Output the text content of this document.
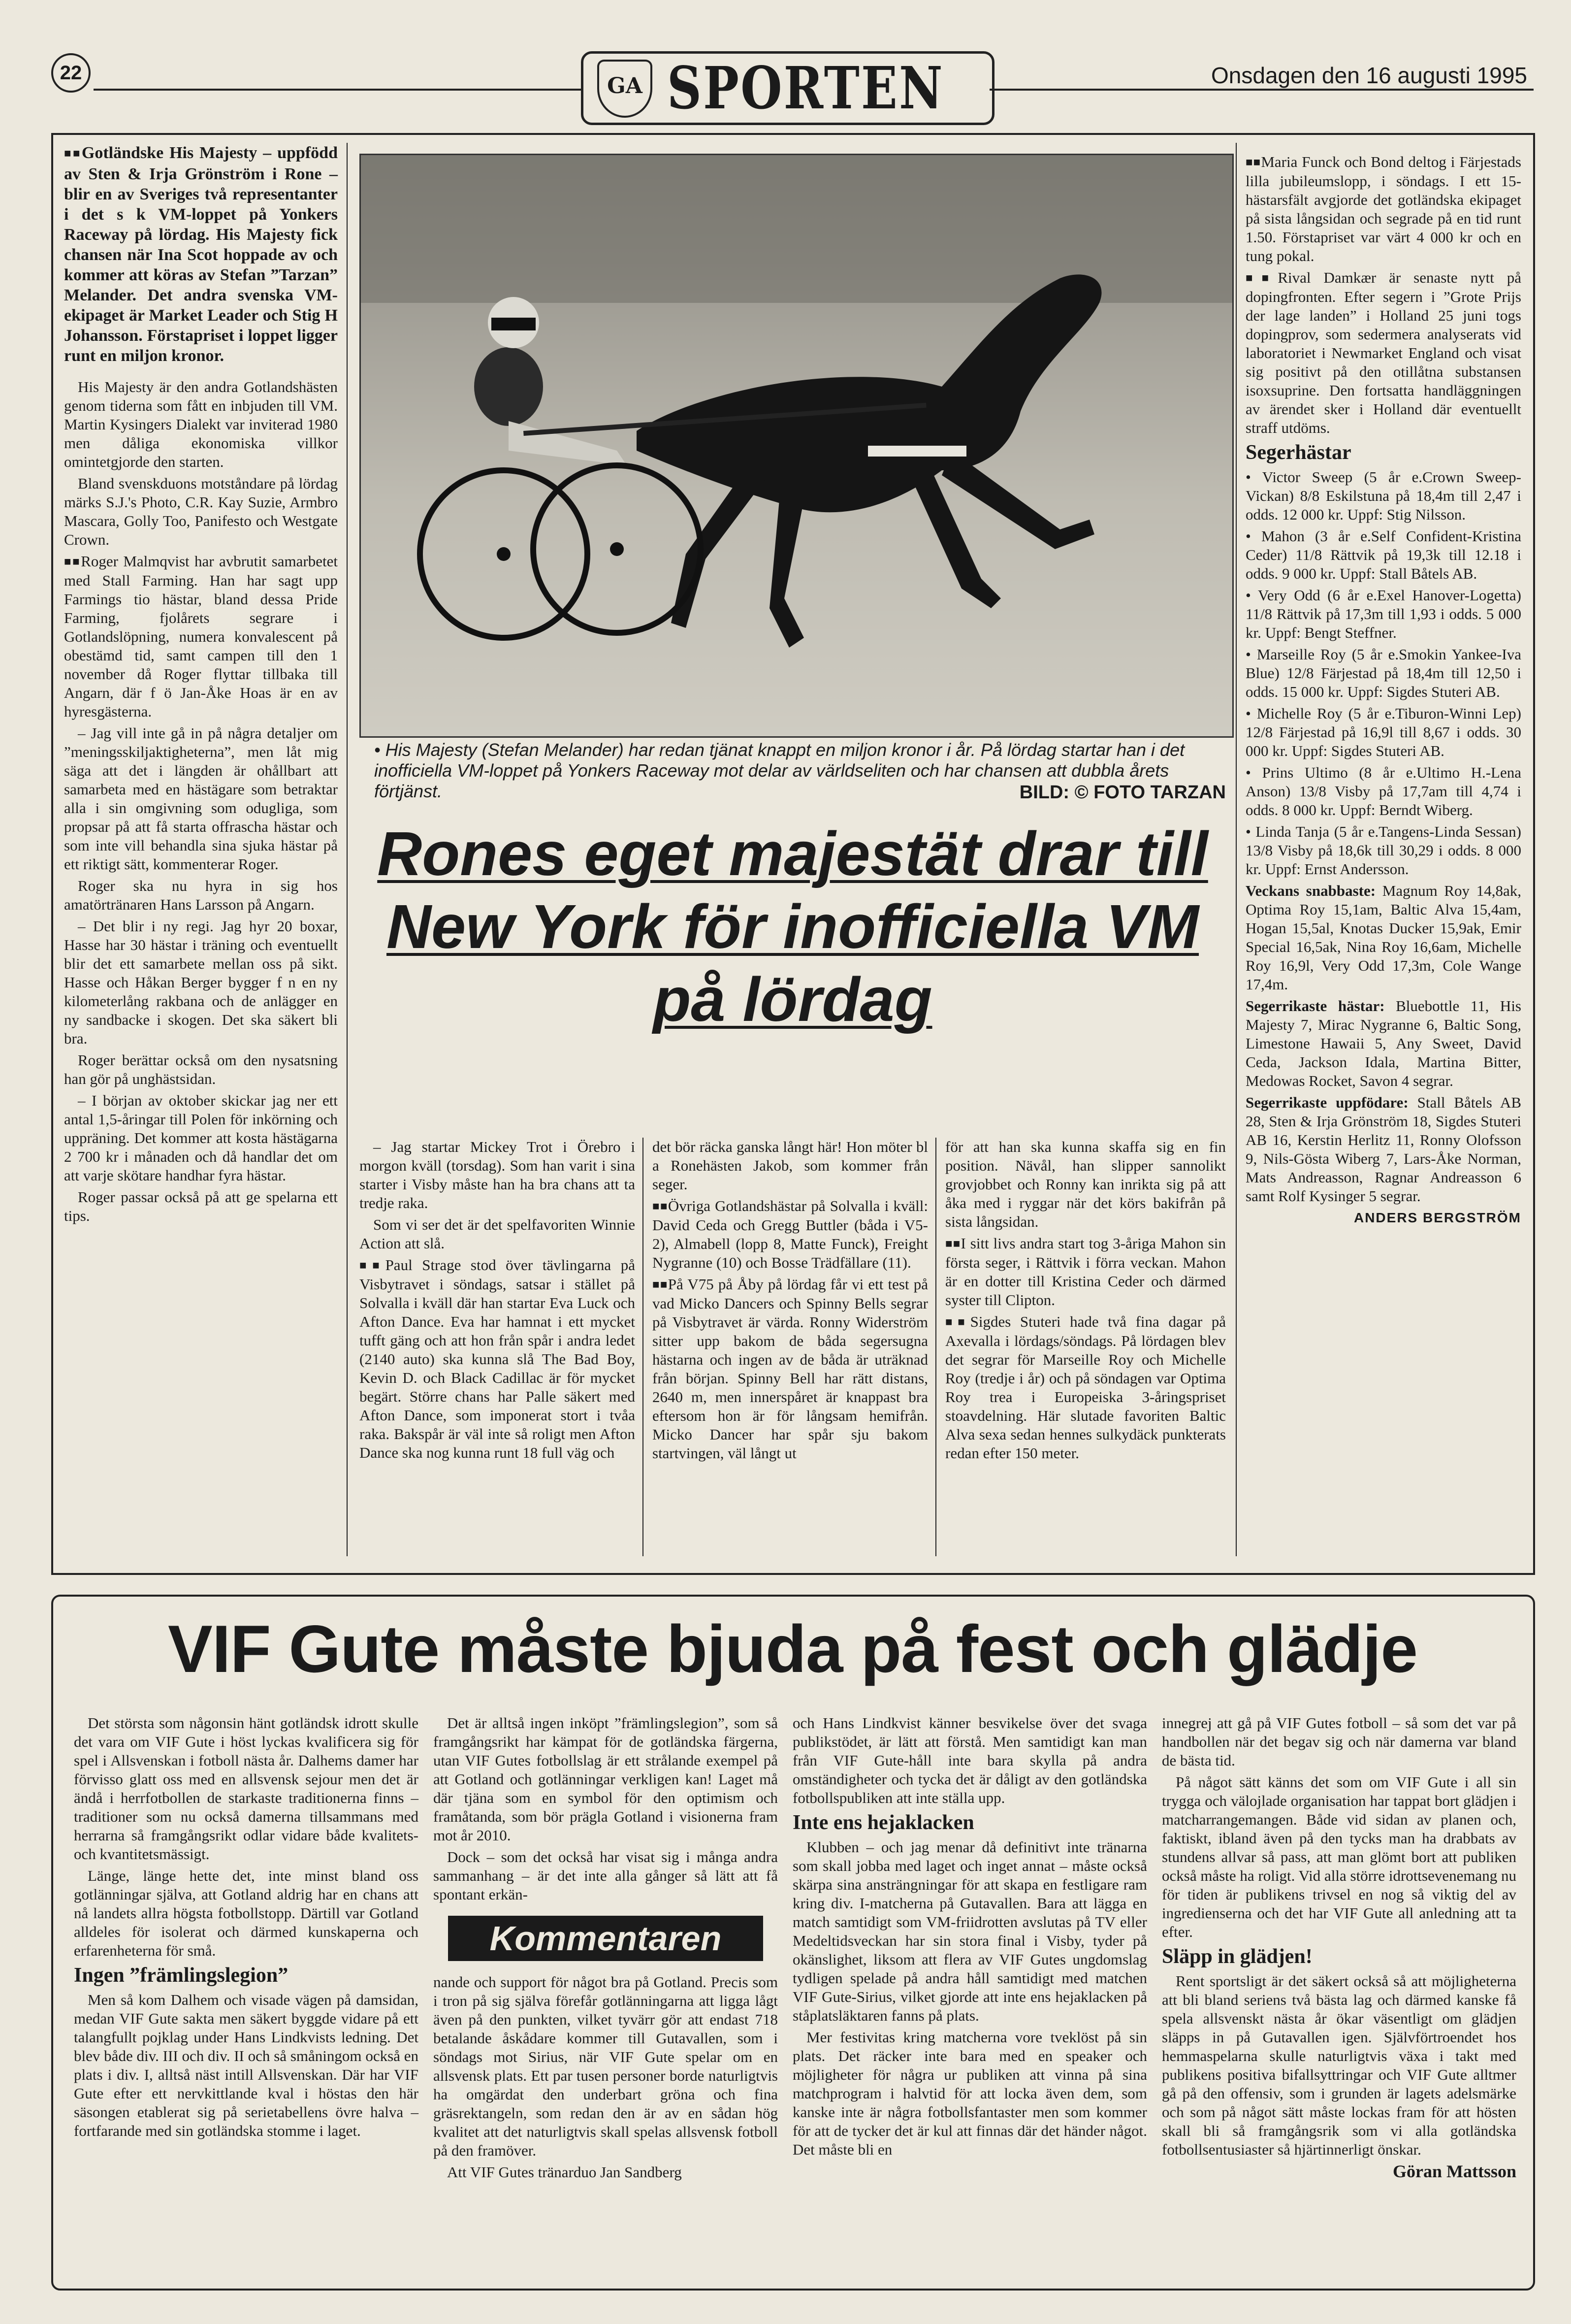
22
GA SPORTEN	Onsdagen den 16 augusti 1995

■■ Gotländske His Majesty – uppfödd av Sten & Irja Grönström i Rone – blir en av Sveriges två representanter i det s k VM-loppet på Yonkers Raceway på lördag. His Majesty fick chansen när Ina Scot hoppade av och kommer att köras av Stefan ”Tarzan” Melander. Det andra svenska VM-ekipaget är Market Leader och Stig H Johansson. Förstapriset i loppet ligger runt en miljon kronor.

His Majesty är den andra Gotlandshästen genom tiderna som fått en inbjuden till VM. Martin Kysingers Dialekt var inviterad 1980 men dåliga ekonomiska villkor omintetgjorde den starten.

Bland svenskduons motståndare på lördag märks S.J.'s Photo, C.R. Kay Suzie, Armbro Mascara, Golly Too, Panifesto och Westgate Crown.

■■ Roger Malmqvist har avbrutit samarbetet med Stall Farming. Han har sagt upp Farmings tio hästar, bland dessa Pride Farming, fjolårets segrare i Gotlandslöpning, numera konvalescent på obestämd tid, samt campen till den 1 november då Roger flyttar tillbaka till Angarn, där f ö Jan-Åke Hoas är en av hyresgästerna.

– Jag vill inte gå in på några detaljer om ”meningsskiljaktigheterna”, men låt mig säga att det i längden är ohållbart att samarbeta med en hästägare som betraktar alla i sin omgivning som odugliga, som propsar på att få starta offrascha hästar och som inte vill behandla sina sjuka hästar på ett riktigt sätt, kommenterar Roger.

Roger ska nu hyra in sig hos amatörtränaren Hans Larsson på Angarn.

– Det blir i ny regi. Jag hyr 20 boxar, Hasse har 30 hästar i träning och eventuellt blir det ett samarbete mellan oss på sikt. Hasse och Håkan Berger bygger f n en ny kilometerlång rakbana och de anlägger en ny sandbacke i skogen. Det ska säkert bli bra.

Roger berättar också om den nysatsning han gör på unghästsidan.

– I början av oktober skickar jag ner ett antal 1,5-åringar till Polen för inkörning och uppräning. Det kommer att kosta hästägarna 2 700 kr i månaden och då handlar det om att varje skötare handhar fyra hästar.

Roger passar också på att ge spelarna ett tips.

• His Majesty (Stefan Melander) har redan tjänat knappt en miljon kronor i år. På lördag startar han i det inofficiella VM-loppet på Yonkers Raceway mot delar av världseliten och har chansen att dubbla årets förtjänst.	BILD: © FOTO TARZAN
Rones eget majestät drar till New York för inofficiella VM på lördag

– Jag startar Mickey Trot i Örebro i morgon kväll (torsdag). Som han varit i sina starter i Visby måste han ha bra chans att ta tredje raka.

Som vi ser det är det spelfavoriten Winnie Action att slå.

■■ Paul Strage stod över tävlingarna på Visbytravet i söndags, satsar i stället på Solvalla i kväll där han startar Eva Luck och Afton Dance. Eva har hamnat i ett mycket tufft gäng och att hon från spår i andra ledet (2140 auto) ska kunna slå The Bad Boy, Kevin D. och Black Cadillac är för mycket begärt. Större chans har Palle säkert med Afton Dance, som imponerat stort i tvåa raka. Bakspår är väl inte så roligt men Afton Dance ska nog kunna runt 18 full väg och

det bör räcka ganska långt här! Hon möter bl a Ronehästen Jakob, som kommer från seger.

■■ Övriga Gotlandshästar på Solvalla i kväll: David Ceda och Gregg Buttler (båda i V5-2), Almabell (lopp 8, Matte Funck), Freight Nygranne (10) och Bosse Trädfällare (11).

■■ På V75 på Åby på lördag får vi ett test på vad Micko Dancers och Spinny Bells segrar på Visbytravet är värda. Ronny Widerström sitter upp bakom de båda segersugna hästarna och ingen av de båda är uträknad från början. Spinny Bell har rätt distans, 2640 m, men innerspåret är knappast bra eftersom hon är för långsam hemifrån. Micko Dancer har spår sju bakom startvingen, väl långt ut

för att han ska kunna skaffa sig en fin position. Nävål, han slipper sannolikt grovjobbet och Ronny kan inrikta sig på att åka med i ryggar när det körs bakifrån på sista långsidan.

■■ I sitt livs andra start tog 3-åriga Mahon sin första seger, i Rättvik i förra veckan. Mahon är en dotter till Kristina Ceder och därmed syster till Clipton.

■■ Sigdes Stuteri hade två fina dagar på Axevalla i lördags/söndags. På lördagen blev det segrar för Marseille Roy och Michelle Roy (tredje i år) och på söndagen var Optima Roy trea i Europeiska 3-åringspriset stoavdelning. Här slutade favoriten Baltic Alva sexa sedan hennes sulkydäck punkterats redan efter 150 meter.

■■ Maria Funck och Bond deltog i Färjestads lilla jubileumslopp, i söndags. I ett 15-hästarsfält avgjorde det gotländska ekipaget på sista långsidan och segrade på en tid runt 1.50. Förstapriset var värt 4 000 kr och en tung pokal.

■■ Rival Damkær är senaste nytt på dopingfronten. Efter segern i ”Grote Prijs der lage landen” i Holland 25 juni togs dopingprov, som sedermera analyserats vid laboratoriet i Newmarket England och visat sig positivt på den otillåtna substansen isoxsuprine. Den fortsatta handläggningen av ärendet sker i Holland där eventuellt straff utdöms.

Segerhästar

• Victor Sweep (5 år e.Crown Sweep-Vickan) 8/8 Eskilstuna på 18,4m till 2,47 i odds. 12 000 kr. Uppf: Stig Nilsson.

• Mahon (3 år e.Self Confident-Kristina Ceder) 11/8 Rättvik på 19,3k till 12.18 i odds. 9 000 kr. Uppf: Stall Båtels AB.

• Very Odd (6 år e.Exel Hanover-Logetta) 11/8 Rättvik på 17,3m till 1,93 i odds. 5 000 kr. Uppf: Bengt Steffner.

• Marseille Roy (5 år e.Smokin Yankee-Iva Blue) 12/8 Färjestad på 18,4m till 12,50 i odds. 15 000 kr. Uppf: Sigdes Stuteri AB.

• Michelle Roy (5 år e.Tiburon-Winni Lep) 12/8 Färjestad på 16,9l till 8,67 i odds. 30 000 kr. Uppf: Sigdes Stuteri AB.

• Prins Ultimo (8 år e.Ultimo H.-Lena Anson) 13/8 Visby på 17,7am till 4,74 i odds. 8 000 kr. Uppf: Berndt Wiberg.

• Linda Tanja (5 år e.Tangens-Linda Sessan) 13/8 Visby på 18,6k till 30,29 i odds. 8 000 kr. Uppf: Ernst Andersson.

Veckans snabbaste: Magnum Roy 14,8ak, Optima Roy 15,1am, Baltic Alva 15,4am, Hogan 15,5al, Knotas Ducker 15,9ak, Emir Special 16,5ak, Nina Roy 16,6am, Michelle Roy 16,9l, Very Odd 17,3m, Cole Wange 17,4m.

Segerrikaste hästar: Bluebottle 11, His Majesty 7, Mirac Nygranne 6, Baltic Song, Limestone Hawaii 5, Any Sweet, David Ceda, Jackson Idala, Martina Bitter, Medowas Rocket, Savon 4 segrar.

Segerrikaste uppfödare: Stall Båtels AB 28, Sten & Irja Grönström 18, Sigdes Stuteri AB 16, Kerstin Herlitz 11, Ronny Olofsson 9, Nils-Gösta Wiberg 7, Lars-Åke Norman, Mats Andreasson, Ragnar Andreasson 6 samt Rolf Kysinger 5 segrar.

ANDERS BERGSTRÖM

VIF Gute måste bjuda på fest och glädje

Det största som någonsin hänt gotländsk idrott skulle det vara om VIF Gute i höst lyckas kvalificera sig för spel i Allsvenskan i fotboll nästa år. Dalhems damer har förvisso glatt oss med en allsvensk sejour men det är ändå i herrfotbollen de starkaste traditionerna finns – traditioner som nu också damerna tillsammans med herrarna så framgångsrikt odlar vidare både kvalitets- och kvantitetsmässigt.

Länge, länge hette det, inte minst bland oss gotlänningar själva, att Gotland aldrig har en chans att nå landets allra högsta fotbollstopp. Därtill var Gotland alldeles för isolerat och därmed kunskaperna och erfarenheterna för små.

Ingen ”främlingslegion”

Men så kom Dalhem och visade vägen på damsidan, medan VIF Gute sakta men säkert byggde vidare på ett talangfullt pojklag under Hans Lindkvists ledning. Det blev både div. III och div. II och så småningom också en plats i div. I, alltså näst intill Allsvenskan. Där har VIF Gute efter ett nervkittlande kval i höstas den här säsongen etablerat sig på serietabellens övre halva – fortfarande med sin gotländska stomme i laget.

Det är alltså ingen inköpt ”främlingslegion”, som så framgångsrikt har kämpat för de gotländska färgerna, utan VIF Gutes fotbollslag är ett strålande exempel på att Gotland och gotlänningar verkligen kan! Laget må där tjäna som en symbol för den optimism och framåtanda, som bör präglа Gotland i visionerna fram mot år 2010.

Dock – som det också har visat sig i många andra sammanhang – är det inte alla gånger så lätt att få spontant erkän-

Kommentaren

nande och support för något bra på Gotland. Precis som i tron på sig själva förefår gotlänningarna att ligga lågt även på den punkten, vilket tyvärr gör att endast 718 betalande åskådare kommer till Gutavallen, som i söndags mot Sirius, när VIF Gute spelar om en allsvensk plats. Ett par tusen personer borde naturligtvis ha omgärdat den underbart gröna och fina gräsrektangeln, som redan den är av en sådan hög kvalitet att det naturligtvis skall spelas allsvensk fotboll på den framöver.

Att VIF Gutes tränarduo Jan Sandberg

och Hans Lindkvist känner besvikelse över det svaga publikstödet, är lätt att förstå. Men samtidigt kan man från VIF Gute-håll inte bara skylla på andra omständigheter och tycka det är dåligt av den gotländska fotbollspubliken att inte ställa upp.

Inte ens hejaklacken

Klubben – och jag menar då definitivt inte tränarna som skall jobba med laget och inget annat – måste också skärpa sina ansträngningar för att skapa en festligare ram kring div. I-matcherna på Gutavallen. Bara att lägga en match samtidigt som VM-friidrotten avslutas på TV eller Medeltidsveckan har sin stora final i Visby, tyder på okänslighet, liksom att flera av VIF Gutes ungdomslag tydligen spelade på andra håll samtidigt med matchen VIF Gute-Sirius, vilket gjorde att inte ens hejaklacken på ståplatsläktaren fanns på plats.

Mer festivitas kring matcherna vore tveklöst på sin plats. Det räcker inte bara med en speaker och möjligheter för några ur publiken att vinna på sina matchprogram i halvtid för att locka även dem, som kanske inte är några fotbollsfantaster men som kommer för att de tycker det är kul att finnas där det händer något. Det måste bli en

innegrej att gå på VIF Gutes fotboll – så som det var på handbollen när det begav sig och när damerna var bland de bästa tid.

På något sätt känns det som om VIF Gute i all sin trygga och välojlade organisation har tappat bort glädjen i matcharrangemangen. Både vid sidan av planen och, faktiskt, ibland även på den tycks man ha drabbats av stundens allvar så pass, att man glömt bort att publiken också måste ha roligt. Vid alla större idrottsevenemang nu för tiden är publikens trivsel en nog så viktig del av ingredienserna och det har VIF Gute all anledning att ta efter.

Släpp in glädjen!

Rent sportsligt är det säkert också så att möjligheterna att bli bland seriens två bästa lag och därmed kanske få spela allsvenskt nästa år ökar väsentligt om glädjen släpps in på Gutavallen igen. Självförtroendet hos hemmaspelarna skulle naturligtvis växa i takt med publikens positiva bifallsyttringar och VIF Gute alltmer gå på den offensiv, som i grunden är lagets adelsmärke och som på något sätt måste lockas fram för att hösten skall bli så framgångsrik som vi alla gotländska fotbollsentusiaster så hjärtinnerligt önskar.

Göran Mattsson
